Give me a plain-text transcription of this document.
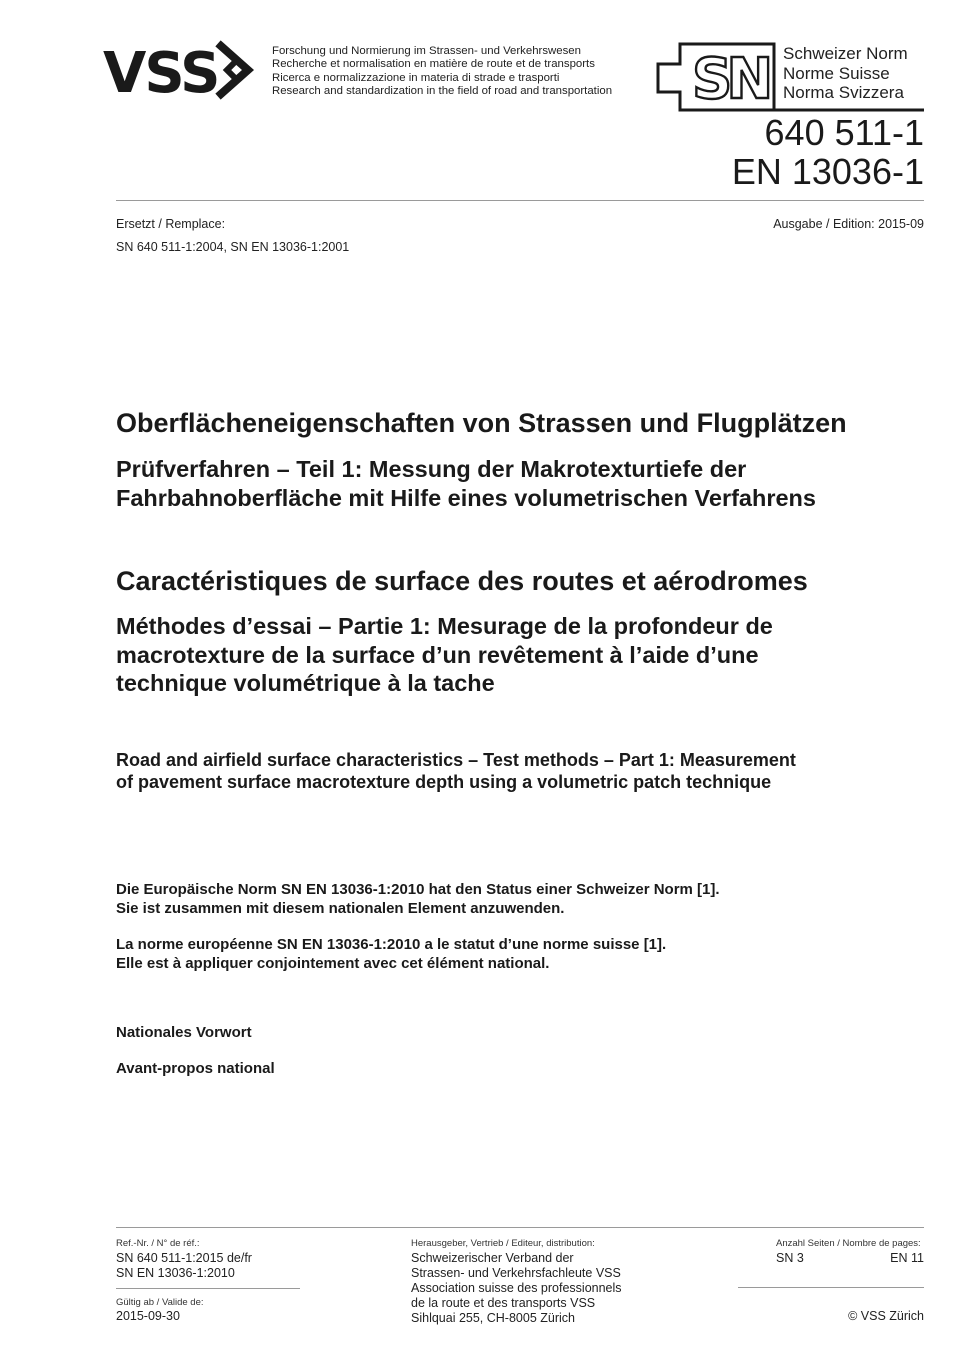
VSS	Forschung und Normierung im Strassen- und Verkehrswesen
Recherche et normalisation en matière de route et de transports
Ricerca e normalizzazione in materia di strade e trasporti
Research and standardization in the field of road and transportation SN Schweizer Norm
Norme Suisse
Norma Svizzera
640 511-1
EN 13036-1
Ersetzt / Remplace:	Ausgabe / Edition: 2015-09
SN 640 511-1:2004, SN EN 13036-1:2001
Oberflächeneigenschaften von Strassen und Flugplätzen
Prüfverfahren – Teil 1: Messung der Makrotexturtiefe der
Fahrbahnoberfläche mit Hilfe eines volumetrischen Verfahrens
Caractéristiques de surface des routes et aérodromes
Méthodes d’essai – Partie 1: Mesurage de la profondeur de
macrotexture de la surface d’un revêtement à l’aide d’une
technique volumétrique à la tache
Road and airfield surface characteristics – Test methods – Part 1: Measurement
of pavement surface macrotexture depth using a volumetric patch technique
Die Europäische Norm SN EN 13036-1:2010 hat den Status einer Schweizer Norm [1].
Sie ist zusammen mit diesem nationalen Element anzuwenden.
La norme européenne SN EN 13036-1:2010 a le statut d’une norme suisse [1].
Elle est à appliquer conjointement avec cet élément national.
Nationales Vorwort
Avant-propos national
Ref.-Nr. / N° de réf.:
SN 640 511-1:2015 de/fr
SN EN 13036-1:2010
Gültig ab / Valide de:
2015-09-30
Herausgeber, Vertrieb / Editeur, distribution:
Schweizerischer Verband der
Strassen- und Verkehrsfachleute VSS
Association suisse des professionnels
de la route et des transports VSS
Sihlquai 255, CH-8005 Zürich
Anzahl Seiten / Nombre de pages:
SN 3	EN 11
© VSS Zürich
